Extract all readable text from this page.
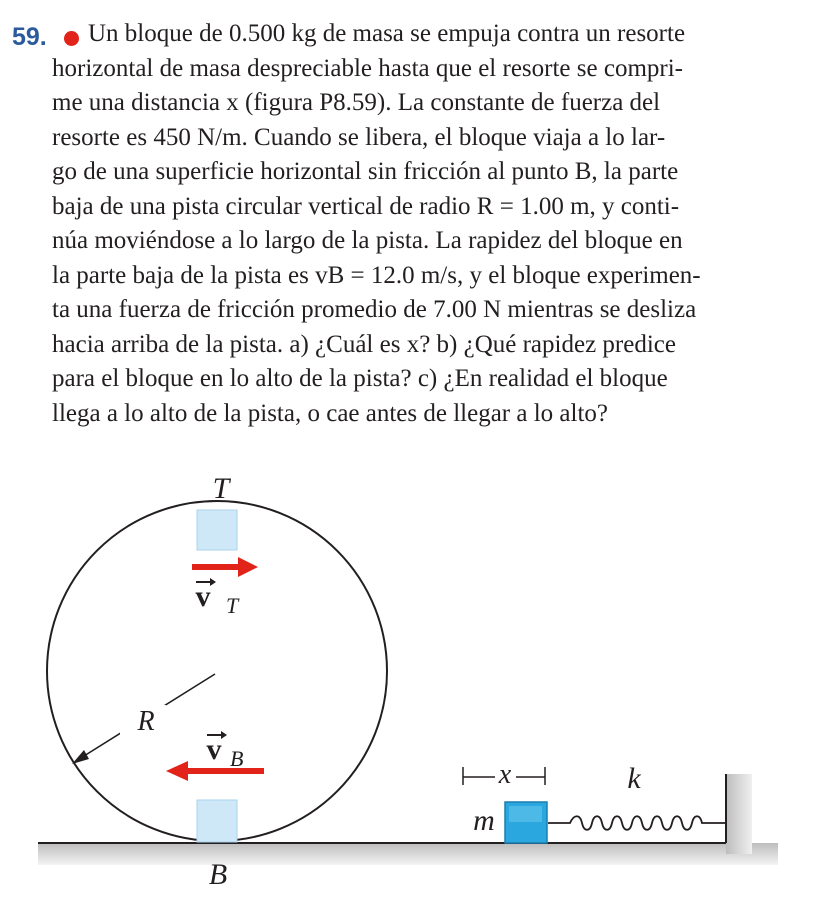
59. Un bloque de 0.500 kg de masa se empuja contra un resorte
horizontal de masa despreciable hasta que el resorte se compri-
me una distancia x (figura P8.59). La constante de fuerza del
resorte es 450 N/m. Cuando se libera, el bloque viaja a lo lar-
go de una superficie horizontal sin fricción al punto B, la parte
baja de una pista circular vertical de radio R = 1.00 m, y conti-
núa moviéndose a lo largo de la pista. La rapidez del bloque en
la parte baja de la pista es vB = 12.0 m/s, y el bloque experimen-
ta una fuerza de fricción promedio de 7.00 N mientras se desliza
hacia arriba de la pista. a) ¿Cuál es x? b) ¿Qué rapidez predice
para el bloque en lo alto de la pista? c) ¿En realidad el bloque
llega a lo alto de la pista, o cae antes de llegar a lo alto?
R
T
v T
v B
B
x	k
m
